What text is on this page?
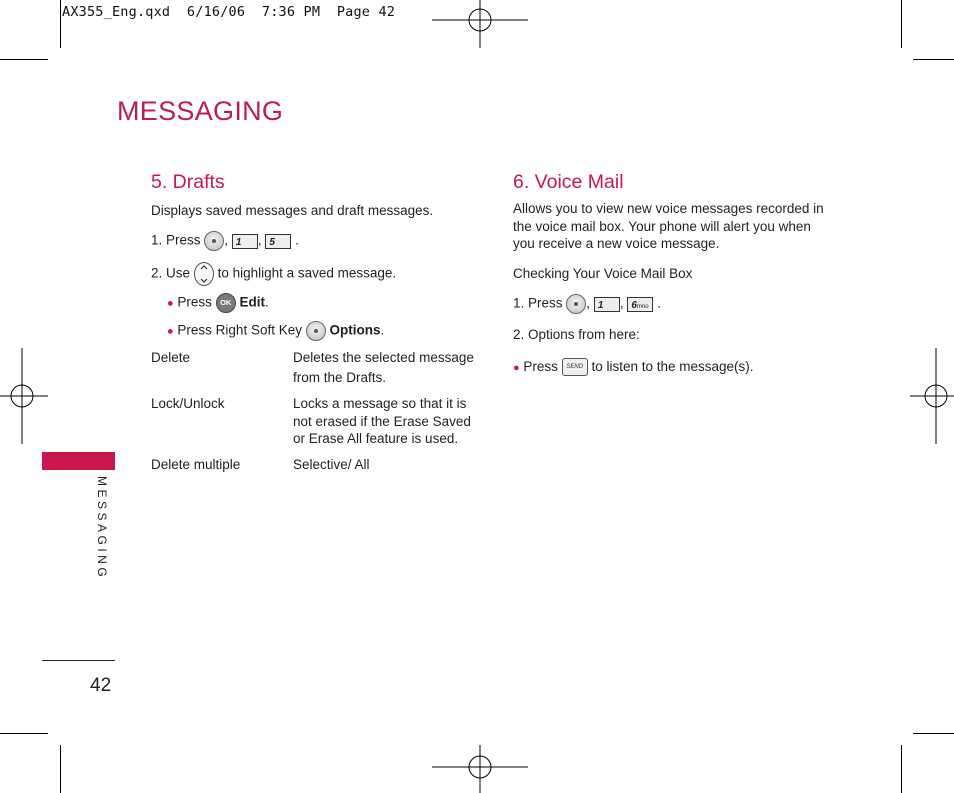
AX355_Eng.qxd 6/16/06 7:36 PM Page 42
MESSAGING
MESSAGING
42
5. Drafts
Displays saved messages and draft messages.
1. Press , 1 , 5 .
2. Use to highlight a saved message.
● Press OK Edit.
● Press Right Soft Key Options.
Delete	Deletes the selected message
from the Drafts.
Lock/Unlock	Locks a message so that it is
not erased if the Erase Saved
or Erase All feature is used.
Delete multiple	Selective/ All
6. Voice Mail
Allows you to view new voice messages recorded in
the voice mail box. Your phone will alert you when
you receive a new voice message.
Checking Your Voice Mail Box
1. Press , 1 , 6mno .
2. Options from here:
● Press SEND to listen to the message(s).
